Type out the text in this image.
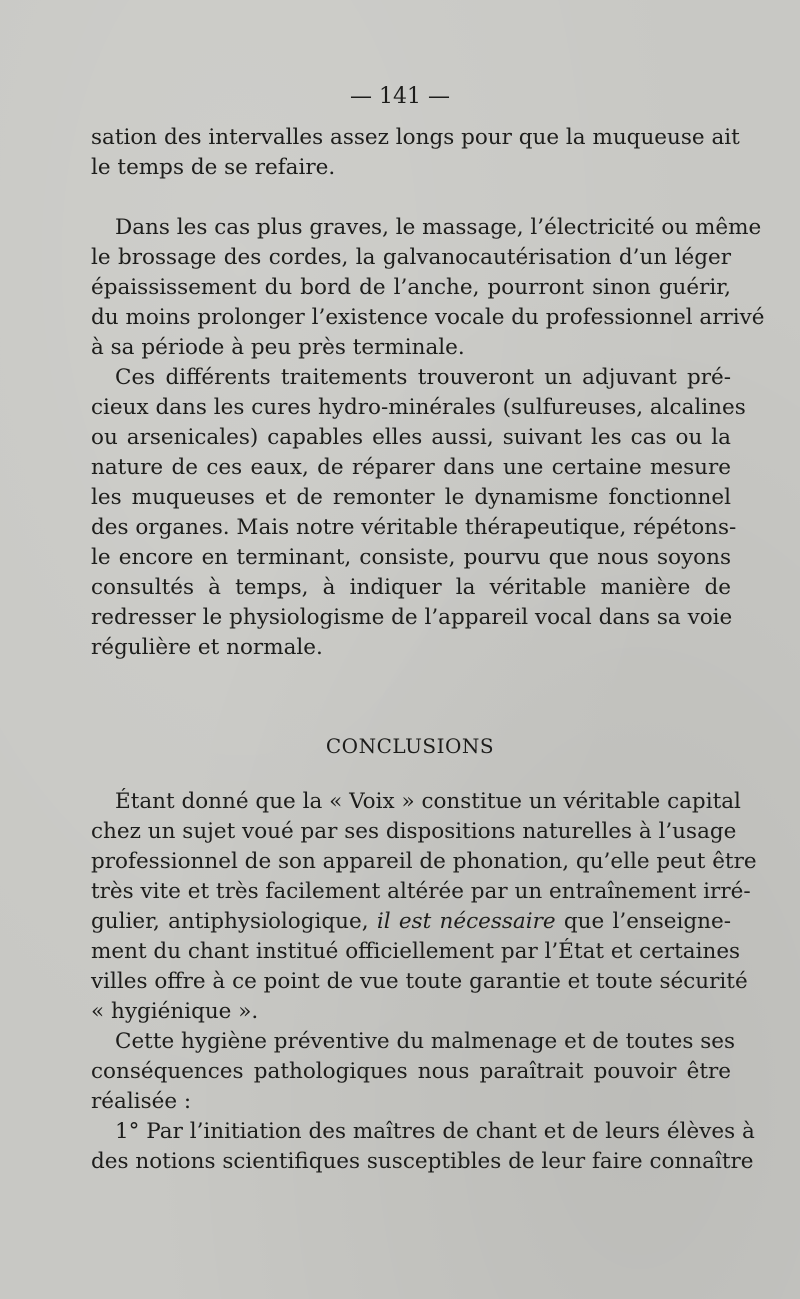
— 141 —
sation des intervalles assez longs pour que la muqueuse ait
le temps de se refaire.
Dans les cas plus graves, le massage, l’électricité ou même
le brossage des cordes, la galvanocautérisation d’un léger
épaississement du bord de l’anche, pourront sinon guérir,
du moins prolonger l’existence vocale du professionnel arrivé
à sa période à peu près terminale.
Ces différents traitements trouveront un adjuvant pré-
cieux dans les cures hydro-minérales (sulfureuses, alcalines
ou arsenicales) capables elles aussi, suivant les cas ou la
nature de ces eaux, de réparer dans une certaine mesure
les muqueuses et de remonter le dynamisme fonctionnel
des organes. Mais notre véritable thérapeutique, répétons-
le encore en terminant, consiste, pourvu que nous soyons
consultés à temps, à indiquer la véritable manière de
redresser le physiologisme de l’appareil vocal dans sa voie
régulière et normale.
CONCLUSIONS
Étant donné que la « Voix » constitue un véritable capital
chez un sujet voué par ses dispositions naturelles à l’usage
professionnel de son appareil de phonation, qu’elle peut être
très vite et très facilement altérée par un entraînement irré-
gulier, antiphysiologique, il est nécessaire que l’enseigne-
ment du chant institué officiellement par l’État et certaines
villes offre à ce point de vue toute garantie et toute sécurité
« hygiénique ».
Cette hygiène préventive du malmenage et de toutes ses
conséquences pathologiques nous paraîtrait pouvoir être
réalisée :
1° Par l’initiation des maîtres de chant et de leurs élèves à
des notions scientifiques susceptibles de leur faire connaître
